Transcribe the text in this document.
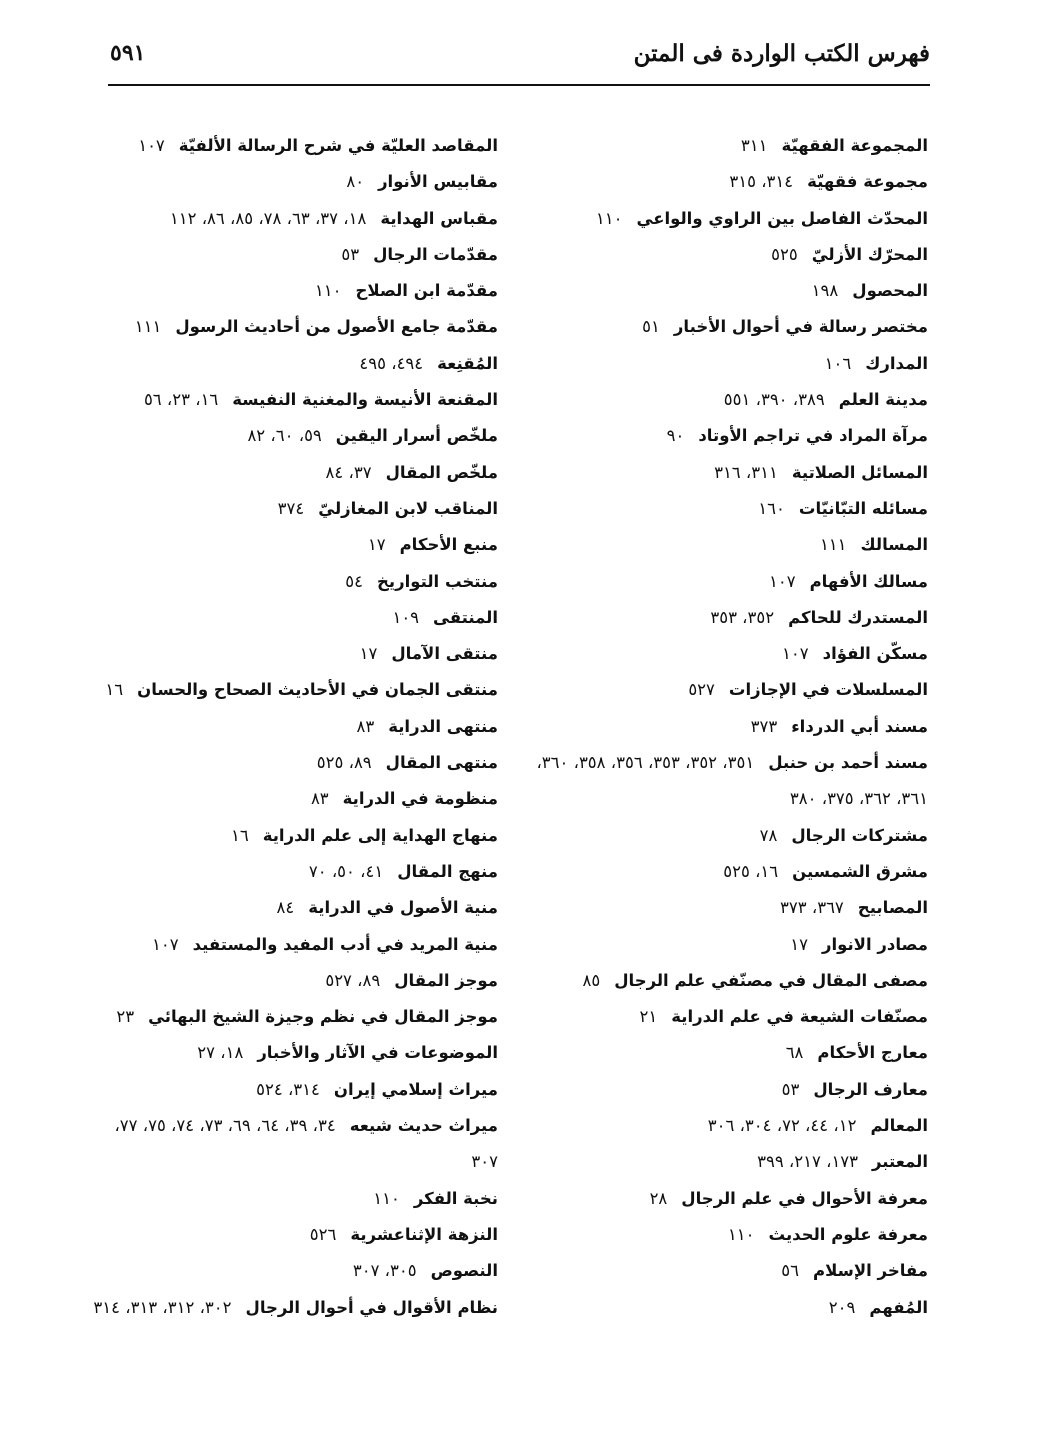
فهرس الكتب الواردة فى المتن
٥٩١
المجموعة الفقهيّة٣١١
مجموعة فقهيّة٣١٤، ٣١٥
المحدّث الفاصل بين الراوي والواعي١١٠
المحرّك الأزليّ٥٢٥
المحصول١٩٨
مختصر رسالة في أحوال الأخبار٥١
المدارك١٠٦
مدينة العلم٣٨٩، ٣٩٠، ٥٥١
مرآة المراد في تراجم الأوتاد٩٠
المسائل الصلاتية٣١١، ٣١٦
مسائله التبّانيّات١٦٠
المسالك١١١
مسالك الأفهام١٠٧
المستدرك للحاكم٣٥٢، ٣٥٣
مسكّن الفؤاد١٠٧
المسلسلات في الإجازات٥٢٧
مسند أبي الدرداء٣٧٣
مسند أحمد بن حنبل٣٥١، ٣٥٢، ٣٥٣، ٣٥٦، ٣٥٨، ٣٦٠، ٣٦١، ٣٦٢، ٣٧٥، ٣٨٠
مشتركات الرجال٧٨
مشرق الشمسين١٦، ٥٢٥
المصابيح٣٦٧، ٣٧٣
مصادر الانوار١٧
مصفى المقال في مصنّفي علم الرجال٨٥
مصنّفات الشيعة في علم الدراية٢١
معارج الأحكام٦٨
معارف الرجال٥٣
المعالم١٢، ٤٤، ٧٢، ٣٠٤، ٣٠٦
المعتبر١٧٣، ٢١٧، ٣٩٩
معرفة الأحوال في علم الرجال٢٨
معرفة علوم الحديث١١٠
مفاخر الإسلام٥٦
المُفهم٢٠٩
المقاصد العليّة في شرح الرسالة الألفيّة١٠٧
مقابيس الأنوار٨٠
مقباس الهداية١٨، ٣٧، ٦٣، ٧٨، ٨٥، ٨٦، ١١٢
مقدّمات الرجال٥٣
مقدّمة ابن الصلاح١١٠
مقدّمة جامع الأصول من أحاديث الرسول١١١
المُقنِعة٤٩٤، ٤٩٥
المقنعة الأنيسة والمغنية النفيسة١٦، ٢٣، ٥٦
ملخّص أسرار اليقين٥٩، ٦٠، ٨٢
ملخّص المقال٣٧، ٨٤
المناقب لابن المغازليّ٣٧٤
منبع الأحكام١٧
منتخب التواريخ٥٤
المنتقى١٠٩
منتقى الآمال١٧
منتقى الجمان في الأحاديث الصحاح والحسان١٦
منتهى الدراية٨٣
منتهى المقال٨٩، ٥٢٥
منظومة في الدراية٨٣
منهاج الهداية إلى علم الدراية١٦
منهج المقال٤١، ٥٠، ٧٠
منية الأصول في الدراية٨٤
منية المريد في أدب المفيد والمستفيد١٠٧
موجز المقال٨٩، ٥٢٧
موجز المقال في نظم وجيزة الشيخ البهائي٢٣
الموضوعات في الآثار والأخبار١٨، ٢٧
ميراث إسلامي إيران٣١٤، ٥٢٤
ميراث حديث شيعه٣٤، ٣٩، ٦٤، ٦٩، ٧٣، ٧٤، ٧٥، ٧٧، ٣٠٧
نخبة الفكر١١٠
النزهة الإثناعشرية٥٢٦
النصوص٣٠٥، ٣٠٧
نظام الأقوال في أحوال الرجال٣٠٢، ٣١٢، ٣١٣، ٣١٤
